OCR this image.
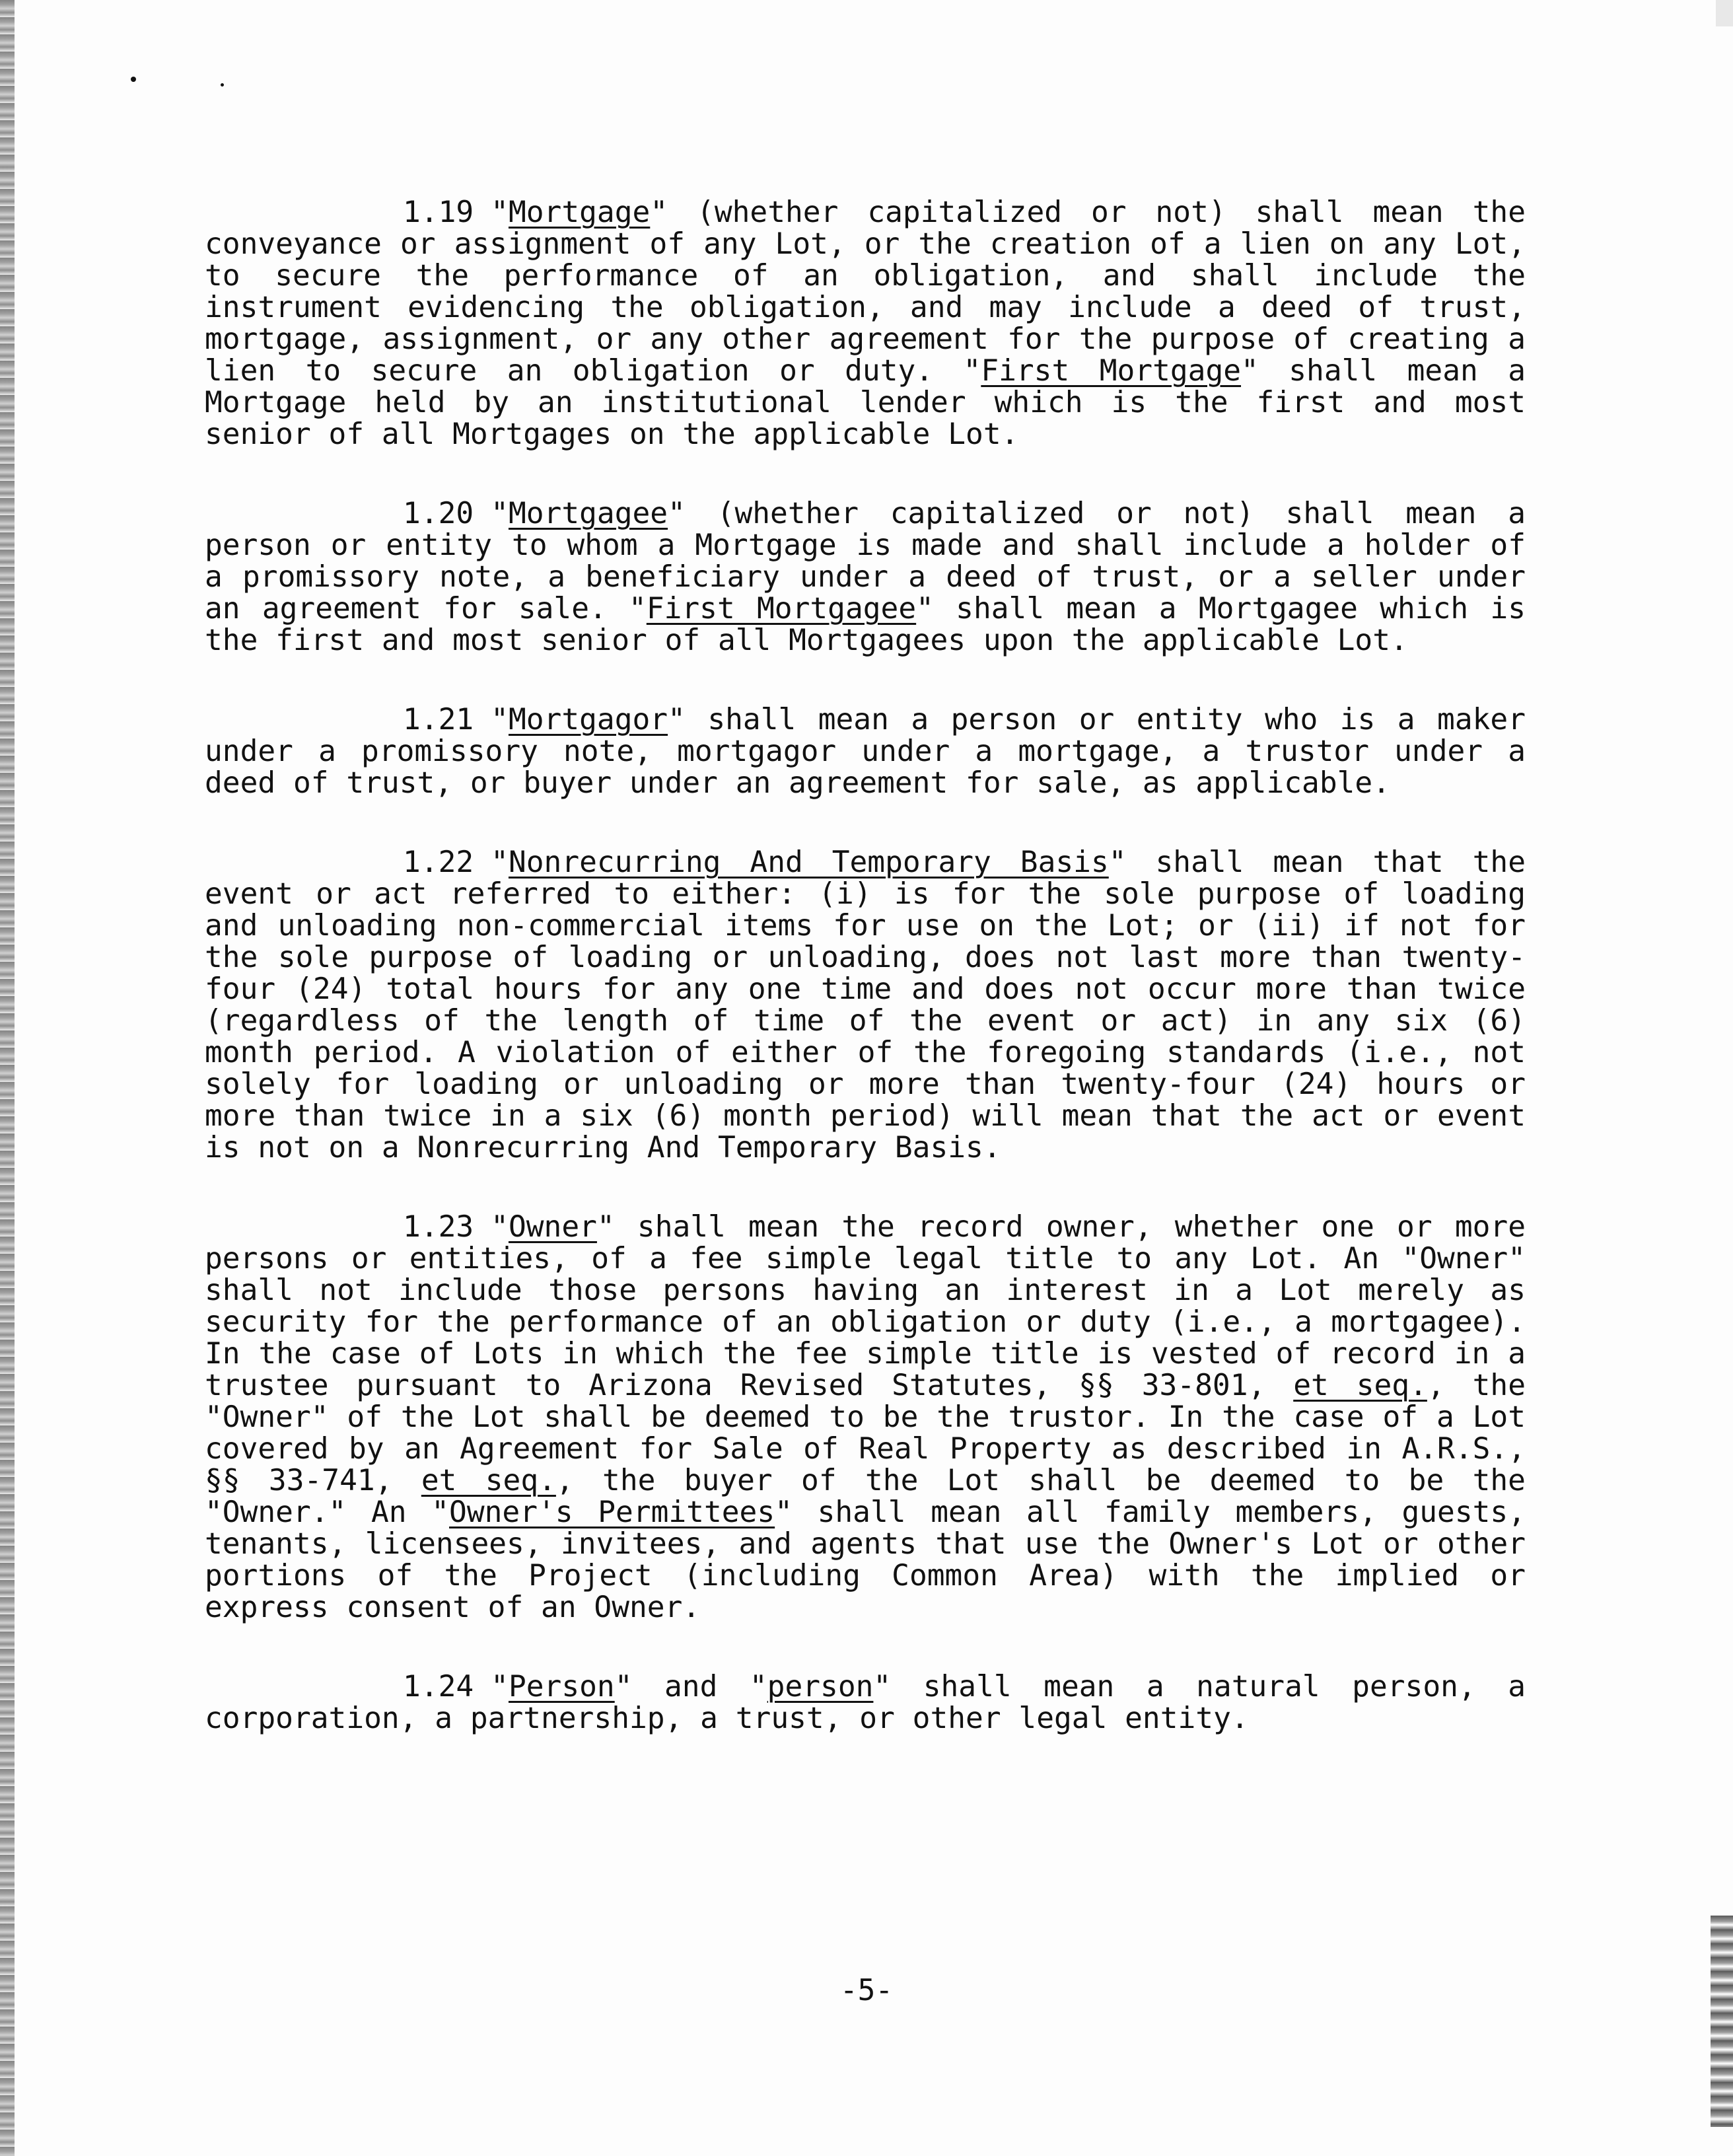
1.19 "Mortgage" (whether capitalized or not) shall mean the conveyance or assignment of any Lot, or the creation of a lien on any Lot, to secure the performance of an obligation, and shall include the instrument evidencing the obligation, and may include a deed of trust, mortgage, assignment, or any other agreement for the purpose of creating a lien to secure an obligation or duty. "First Mortgage" shall mean a Mortgage held by an institutional lender which is the first and most senior of all Mortgages on the applicable Lot.

1.20 "Mortgagee" (whether capitalized or not) shall mean a person or entity to whom a Mortgage is made and shall include a holder of a promissory note, a beneficiary under a deed of trust, or a seller under an agreement for sale. "First Mortgagee" shall mean a Mortgagee which is the first and most senior of all Mortgagees upon the applicable Lot.

1.21 "Mortgagor" shall mean a person or entity who is a maker under a promissory note, mortgagor under a mortgage, a trustor under a deed of trust, or buyer under an agreement for sale, as applicable.

1.22 "Nonrecurring And Temporary Basis" shall mean that the event or act referred to either: (i) is for the sole purpose of loading and unloading non-commercial items for use on the Lot; or (ii) if not for the sole purpose of loading or unloading, does not last more than twenty-four (24) total hours for any one time and does not occur more than twice (regardless of the length of time of the event or act) in any six (6) month period. A violation of either of the foregoing standards (i.e., not solely for loading or unloading or more than twenty-four (24) hours or more than twice in a six (6) month period) will mean that the act or event is not on a Nonrecurring And Temporary Basis.

1.23 "Owner" shall mean the record owner, whether one or more persons or entities, of a fee simple legal title to any Lot. An "Owner" shall not include those persons having an interest in a Lot merely as security for the performance of an obligation or duty (i.e., a mortgagee). In the case of Lots in which the fee simple title is vested of record in a trustee pursuant to Arizona Revised Statutes, §§ 33-801, et seq., the "Owner" of the Lot shall be deemed to be the trustor. In the case of a Lot covered by an Agreement for Sale of Real Property as described in A.R.S., §§ 33-741, et seq., the buyer of the Lot shall be deemed to be the "Owner." An "Owner's Permittees" shall mean all family members, guests, tenants, licensees, invitees, and agents that use the Owner's Lot or other portions of the Project (including Common Area) with the implied or express consent of an Owner.

1.24 "Person" and "person" shall mean a natural person, a corporation, a partnership, a trust, or other legal entity.

-5-
